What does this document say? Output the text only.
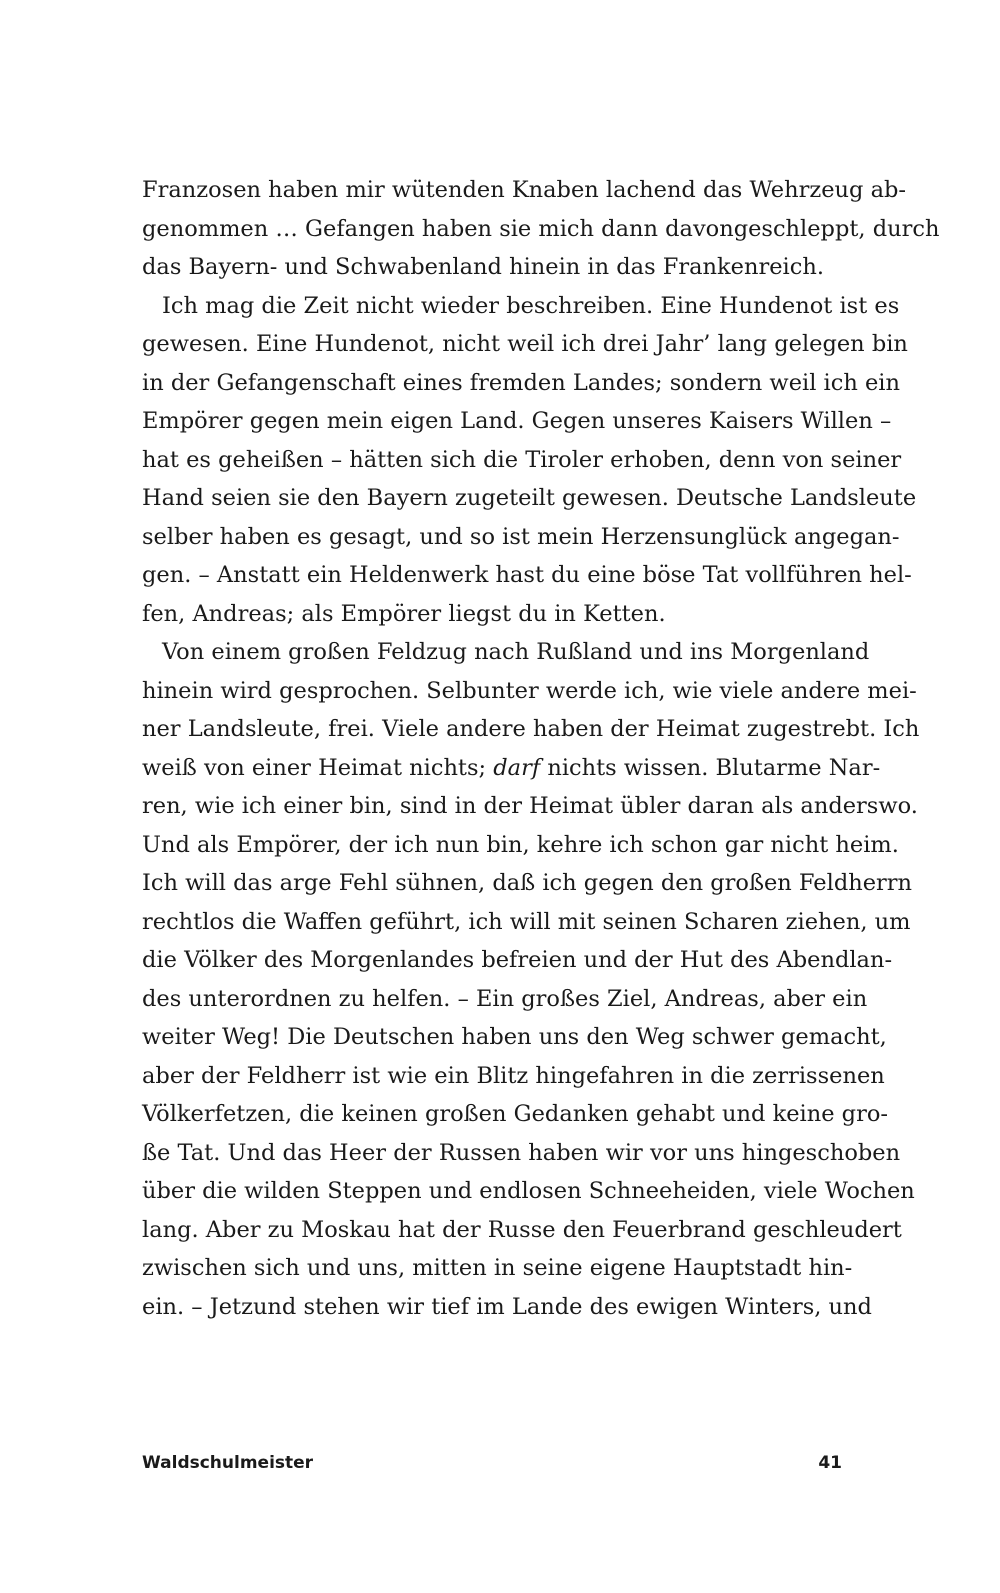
Franzosen haben mir wütenden Knaben lachend das Wehrzeug ab-
genommen … Gefangen haben sie mich dann davongeschleppt, durch
das Bayern- und Schwabenland hinein in das Frankenreich.
Ich mag die Zeit nicht wieder beschreiben. Eine Hundenot ist es
gewesen. Eine Hundenot, nicht weil ich drei Jahr’ lang gelegen bin
in der Gefangenschaft eines fremden Landes; sondern weil ich ein
Empörer gegen mein eigen Land. Gegen unseres Kaisers Willen –
hat es geheißen – hätten sich die Tiroler erhoben, denn von seiner
Hand seien sie den Bayern zugeteilt gewesen. Deutsche Landsleute
selber haben es gesagt, und so ist mein Herzensunglück angegan-
gen. – Anstatt ein Heldenwerk hast du eine böse Tat vollführen hel-
fen, Andreas; als Empörer liegst du in Ketten.
Von einem großen Feldzug nach Rußland und ins Morgenland
hinein wird gesprochen. Selbunter werde ich, wie viele andere mei-
ner Landsleute, frei. Viele andere haben der Heimat zugestrebt. Ich
weiß von einer Heimat nichts; darf nichts wissen. Blutarme Nar-
ren, wie ich einer bin, sind in der Heimat übler daran als anderswo.
Und als Empörer, der ich nun bin, kehre ich schon gar nicht heim.
Ich will das arge Fehl sühnen, daß ich gegen den großen Feldherrn
rechtlos die Waffen geführt, ich will mit seinen Scharen ziehen, um
die Völker des Morgenlandes befreien und der Hut des Abendlan-
des unterordnen zu helfen. – Ein großes Ziel, Andreas, aber ein
weiter Weg! Die Deutschen haben uns den Weg schwer gemacht,
aber der Feldherr ist wie ein Blitz hingefahren in die zerrissenen
Völkerfetzen, die keinen großen Gedanken gehabt und keine gro-
ße Tat. Und das Heer der Russen haben wir vor uns hingeschoben
über die wilden Steppen und endlosen Schneeheiden, viele Wochen
lang. Aber zu Moskau hat der Russe den Feuerbrand geschleudert
zwischen sich und uns, mitten in seine eigene Hauptstadt hin-
ein. – Jetzund stehen wir tief im Lande des ewigen Winters, und
Waldschulmeister	41
